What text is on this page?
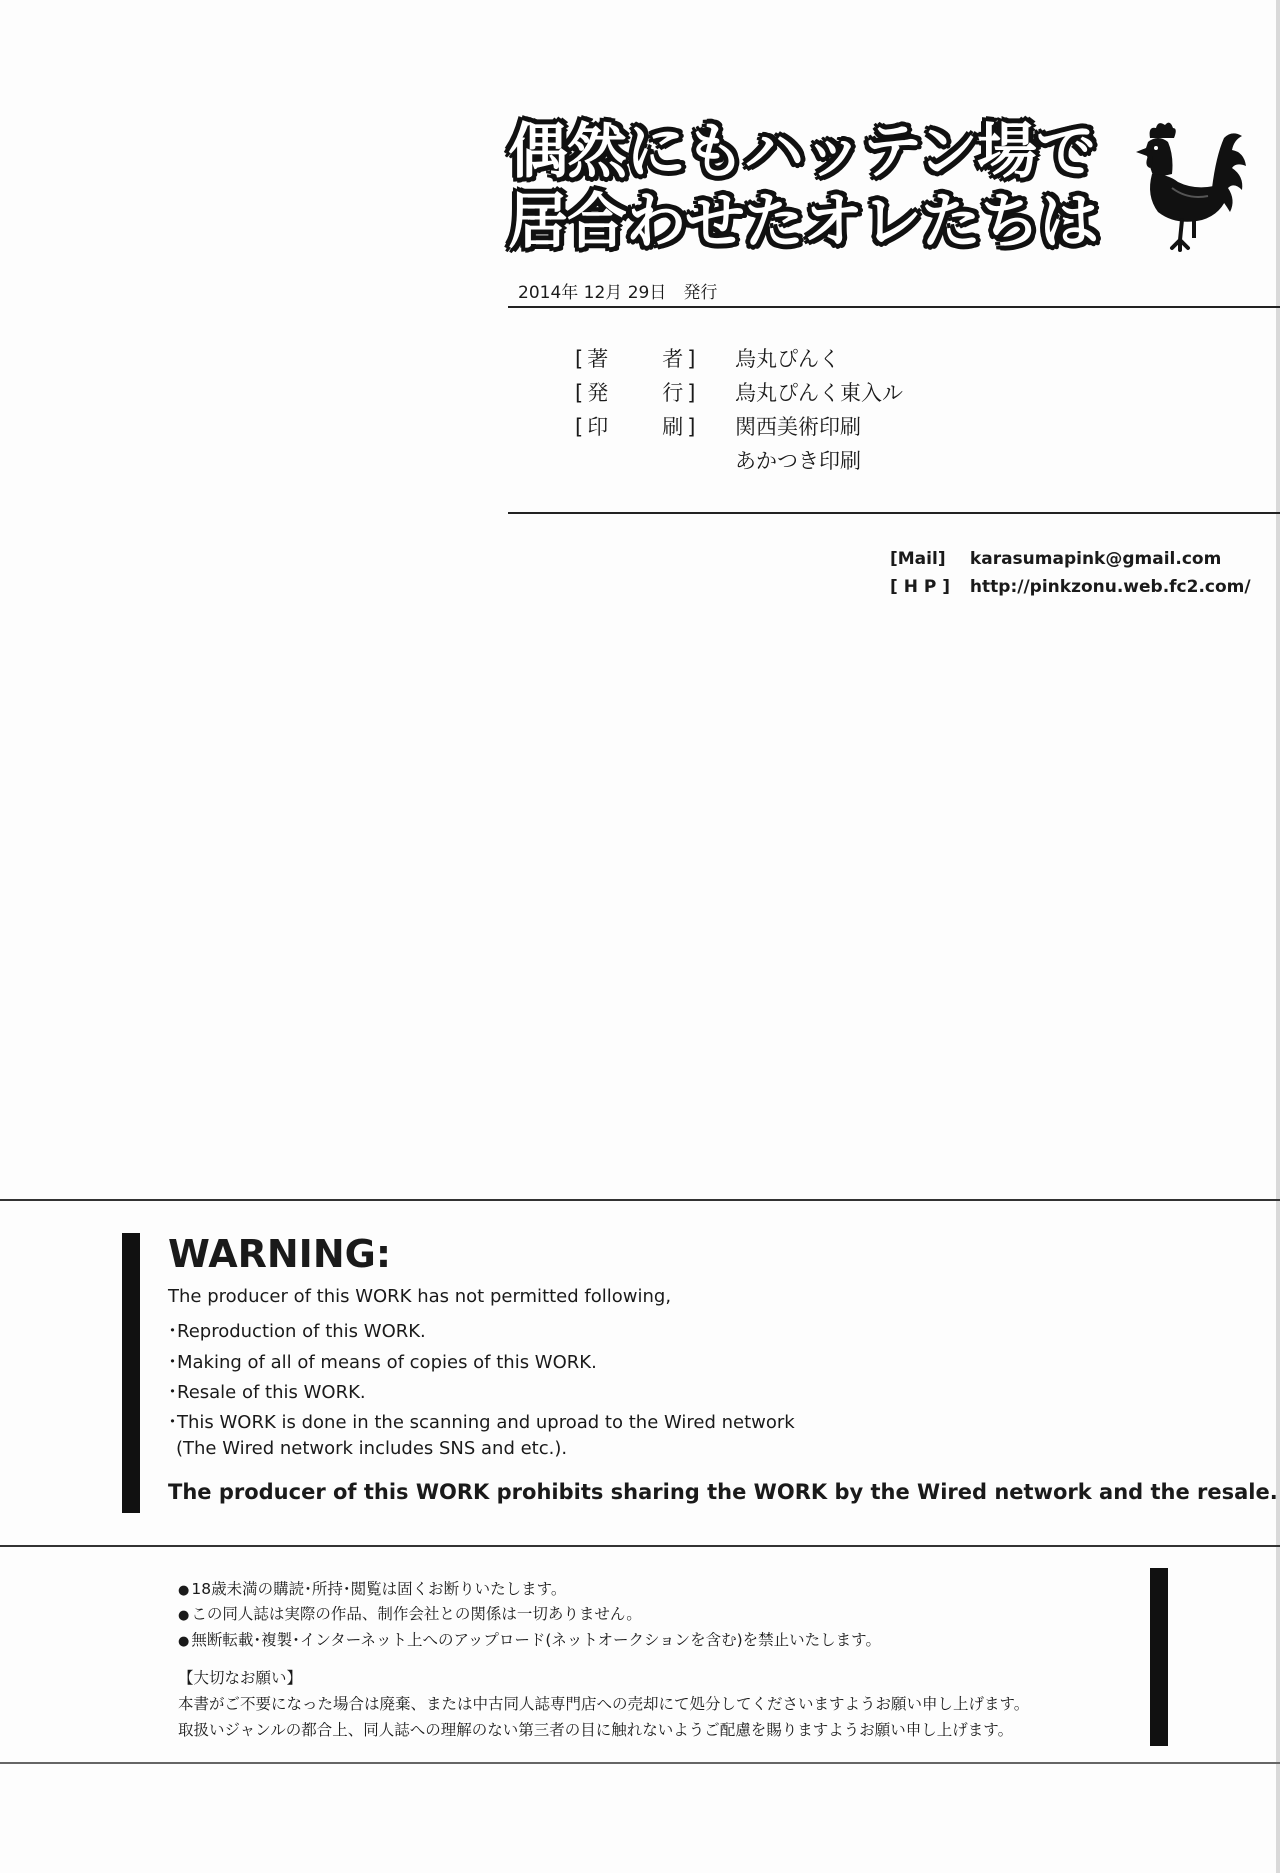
偶然にもハッテン場で
居合わせたオレたちは
2014年 12月 29日　発行
[著　　者] 烏丸ぴんく
[発　　行] 烏丸ぴんく東入ル
[印　　刷] 関西美術印刷
あかつき印刷
[Mail] karasumapink@gmail.com
[ H P ] http://pinkzonu.web.fc2.com/
WARNING:
The producer of this WORK has not permitted following,
･Reproduction of this WORK.
･Making of all of means of copies of this WORK.
･Resale of this WORK.
･This WORK is done in the scanning and uproad to the Wired network
(The Wired network includes SNS and etc.).
The producer of this WORK prohibits sharing the WORK by the Wired network and the resale.
● 18歳未満の購読･所持･閲覧は固くお断りいたします。
● この同人誌は実際の作品、制作会社との関係は一切ありません。
● 無断転載･複製･インターネット上へのアップロード(ネットオークションを含む)を禁止いたします。
【大切なお願い】
本書がご不要になった場合は廃棄、または中古同人誌専門店への売却にて処分してくださいますようお願い申し上げます。
取扱いジャンルの都合上、同人誌への理解のない第三者の目に触れないようご配慮を賜りますようお願い申し上げます。
